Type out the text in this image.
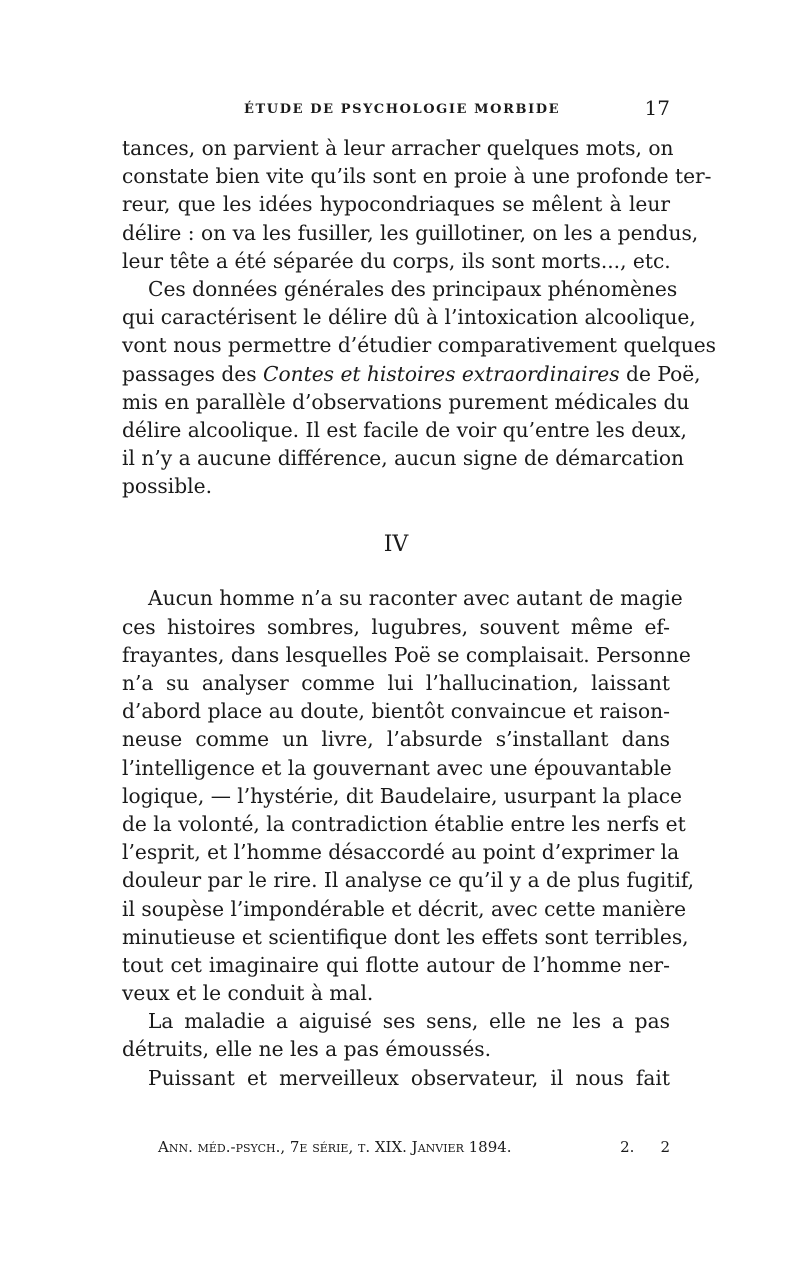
ÉTUDE DE PSYCHOLOGIE MORBIDE	17
tances, on parvient à leur arracher quelques mots, on
constate bien vite qu’ils sont en proie à une profonde ter-
reur, que les idées hypocondriaques se mêlent à leur
délire : on va les fusiller, les guillotiner, on les a pendus,
leur tête a été séparée du corps, ils sont morts..., etc.
Ces données générales des principaux phénomènes
qui caractérisent le délire dû à l’intoxication alcoolique,
vont nous permettre d’étudier comparativement quelques
passages des Contes et histoires extraordinaires de Poë,
mis en parallèle d’observations purement médicales du
délire alcoolique. Il est facile de voir qu’entre les deux,
il n’y a aucune différence, aucun signe de démarcation
possible.
IV
Aucun homme n’a su raconter avec autant de magie
ces histoires sombres, lugubres, souvent même ef-
frayantes, dans lesquelles Poë se complaisait. Personne
n’a su analyser comme lui l’hallucination, laissant
d’abord place au doute, bientôt convaincue et raison-
neuse comme un livre, l’absurde s’installant dans
l’intelligence et la gouvernant avec une épouvantable
logique, — l’hystérie, dit Baudelaire, usurpant la place
de la volonté, la contradiction établie entre les nerfs et
l’esprit, et l’homme désaccordé au point d’exprimer la
douleur par le rire. Il analyse ce qu’il y a de plus fugitif,
il soupèse l’impondérable et décrit, avec cette manière
minutieuse et scientifique dont les effets sont terribles,
tout cet imaginaire qui flotte autour de l’homme ner-
veux et le conduit à mal.
La maladie a aiguisé ses sens, elle ne les a pas
détruits, elle ne les a pas émoussés.
Puissant et merveilleux observateur, il nous fait
Ann. méd.-psych., 7e série, t. XIX. Janvier 1894.	2. 2
